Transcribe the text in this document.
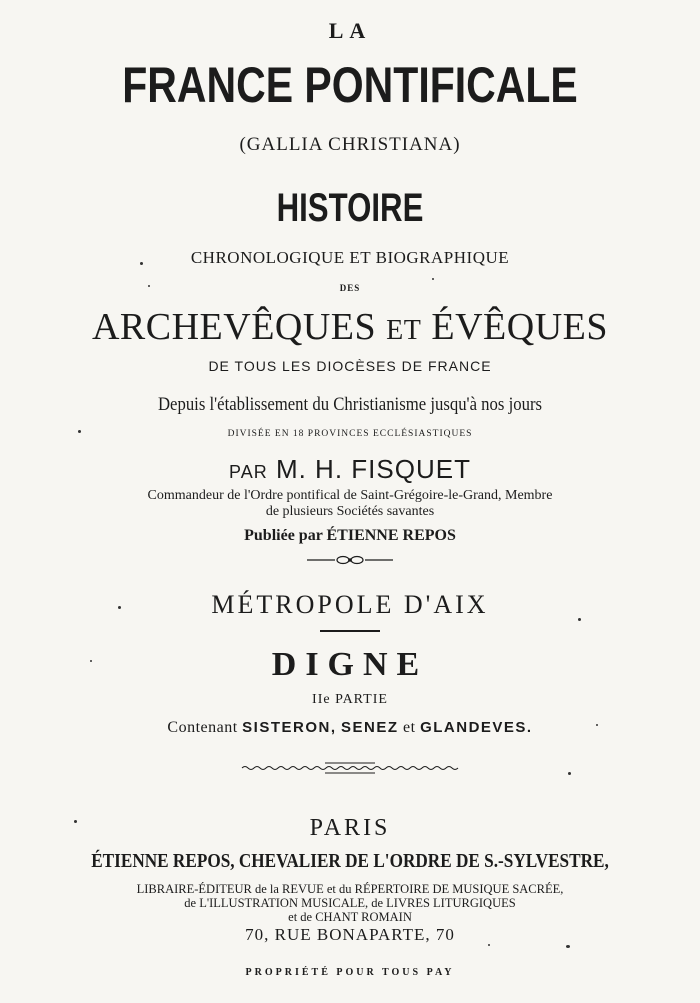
LA
FRANCE PONTIFICALE
(GALLIA CHRISTIANA)
HISTOIRE
CHRONOLOGIQUE ET BIOGRAPHIQUE
DES
ARCHEVÊQUES ET ÉVÊQUES
DE TOUS LES DIOCÈSES DE FRANCE
Depuis l'établissement du Christianisme jusqu'à nos jours
DIVISÉE EN 18 PROVINCES ECCLÉSIASTIQUES
PAR M. H. FISQUET
Commandeur de l'Ordre pontifical de Saint-Grégoire-le-Grand, Membre
de plusieurs Sociétés savantes
Publiée par ÉTIENNE REPOS
MÉTROPOLE D'AIX
DIGNE
IIe PARTIE
Contenant SISTERON, SENEZ et GLANDEVES.
PARIS
ÉTIENNE REPOS, CHEVALIER DE L'ORDRE DE S.-SYLVESTRE,
LIBRAIRE-ÉDITEUR de la REVUE et du RÉPERTOIRE DE MUSIQUE SACRÉE,
de L'ILLUSTRATION MUSICALE, de LIVRES LITURGIQUES
et de CHANT ROMAIN
70, RUE BONAPARTE, 70
PROPRIÉTÉ POUR TOUS PAY
